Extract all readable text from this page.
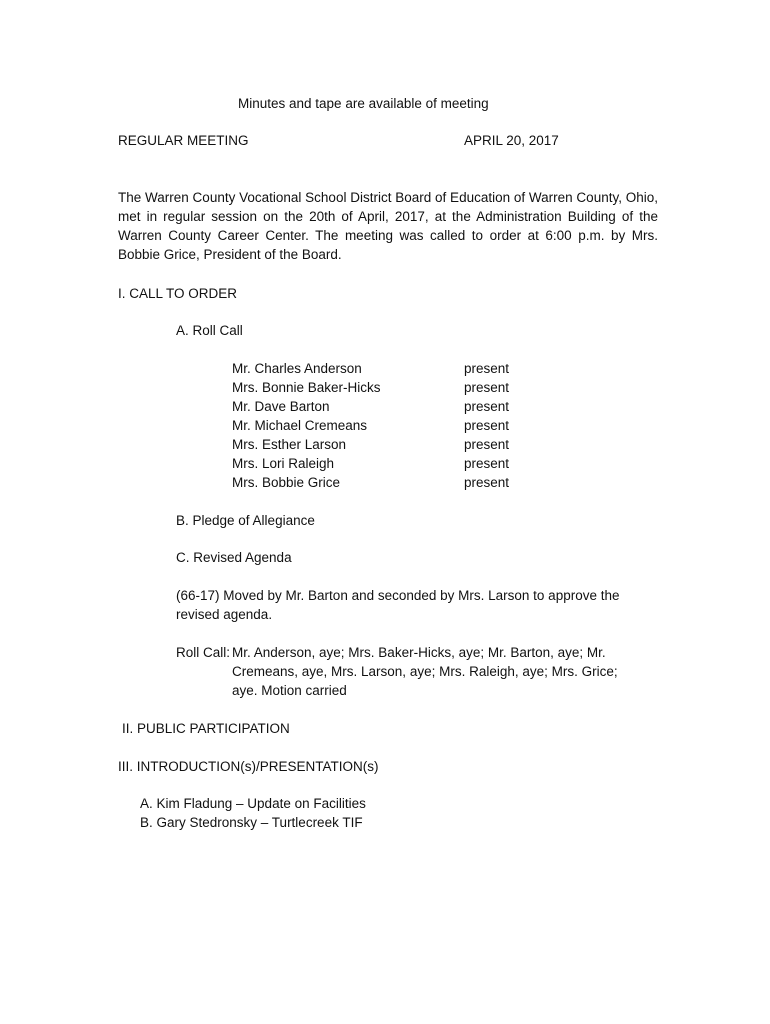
Minutes and tape are available of meeting
REGULAR MEETING	APRIL 20, 2017
The Warren County Vocational School District Board of Education of Warren County, Ohio, met in regular session on the 20th of April, 2017, at the Administration Building of the Warren County Career Center. The meeting was called to order at 6:00 p.m. by Mrs. Bobbie Grice, President of the Board.
I. CALL TO ORDER
A. Roll Call
Mr. Charles Anderson	present
Mrs. Bonnie Baker-Hicks	present
Mr. Dave Barton	present
Mr. Michael Cremeans	present
Mrs. Esther Larson	present
Mrs. Lori Raleigh	present
Mrs. Bobbie Grice	present
B. Pledge of Allegiance
C. Revised Agenda
(66-17) Moved by Mr. Barton and seconded by Mrs. Larson to approve the revised agenda.
Roll Call: Mr. Anderson, aye; Mrs. Baker-Hicks, aye; Mr. Barton, aye; Mr. Cremeans, aye, Mrs. Larson, aye; Mrs. Raleigh, aye; Mrs. Grice; aye. Motion carried
II. PUBLIC PARTICIPATION
III. INTRODUCTION(s)/PRESENTATION(s)
A. Kim Fladung – Update on Facilities
B. Gary Stedronsky – Turtlecreek TIF
